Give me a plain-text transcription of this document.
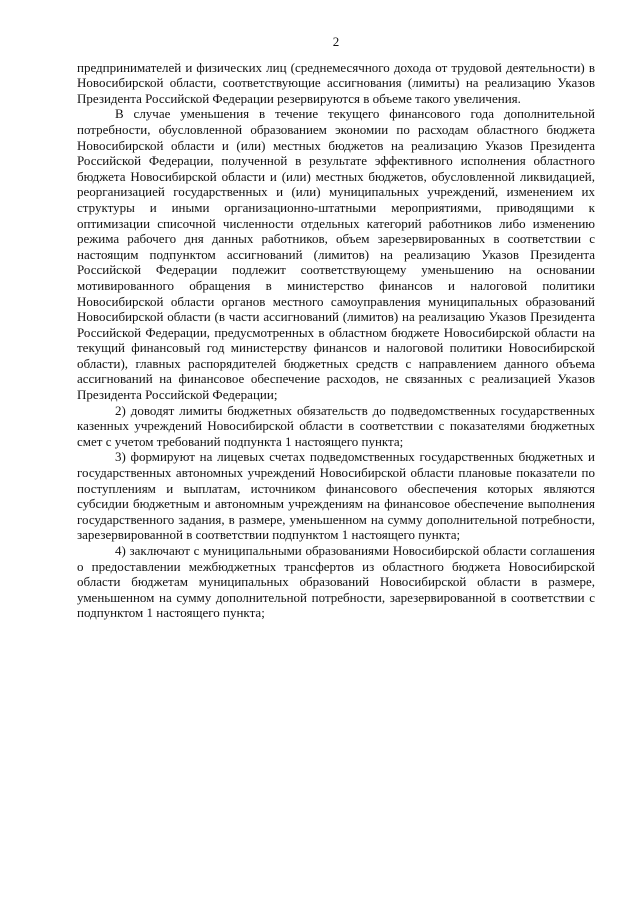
2

предпринимателей и физических лиц (среднемесячного дохода от трудовой деятельности) в Новосибирской области, соответствующие ассигнования (лимиты) на реализацию Указов Президента Российской Федерации резервируются в объеме такого увеличения.

В случае уменьшения в течение текущего финансового года дополнительной потребности, обусловленной образованием экономии по расходам областного бюджета Новосибирской области и (или) местных бюджетов на реализацию Указов Президента Российской Федерации, полученной в результате эффективного исполнения областного бюджета Новосибирской области и (или) местных бюджетов, обусловленной ликвидацией, реорганизацией государственных и (или) муниципальных учреждений, изменением их структуры и иными организационно-штатными мероприятиями, приводящими к оптимизации списочной численности отдельных категорий работников либо изменению режима рабочего дня данных работников, объем зарезервированных в соответствии с настоящим подпунктом ассигнований (лимитов) на реализацию Указов Президента Российской Федерации подлежит соответствующему уменьшению на основании мотивированного обращения в министерство финансов и налоговой политики Новосибирской области органов местного самоуправления муниципальных образований Новосибирской области (в части ассигнований (лимитов) на реализацию Указов Президента Российской Федерации, предусмотренных в областном бюджете Новосибирской области на текущий финансовый год министерству финансов и налоговой политики Новосибирской области), главных распорядителей бюджетных средств с направлением данного объема ассигнований на финансовое обеспечение расходов, не связанных с реализацией Указов Президента Российской Федерации;

2) доводят лимиты бюджетных обязательств до подведомственных государственных казенных учреждений Новосибирской области в соответствии с показателями бюджетных смет с учетом требований подпункта 1 настоящего пункта;

3) формируют на лицевых счетах подведомственных государственных бюджетных и государственных автономных учреждений Новосибирской области плановые показатели по поступлениям и выплатам, источником финансового обеспечения которых являются субсидии бюджетным и автономным учреждениям на финансовое обеспечение выполнения государственного задания, в размере, уменьшенном на сумму дополнительной потребности, зарезервированной в соответствии подпунктом 1 настоящего пункта;

4) заключают с муниципальными образованиями Новосибирской области соглашения о предоставлении межбюджетных трансфертов из областного бюджета Новосибирской области бюджетам муниципальных образований Новосибирской области в размере, уменьшенном на сумму дополнительной потребности, зарезервированной в соответствии с подпунктом 1 настоящего пункта;
